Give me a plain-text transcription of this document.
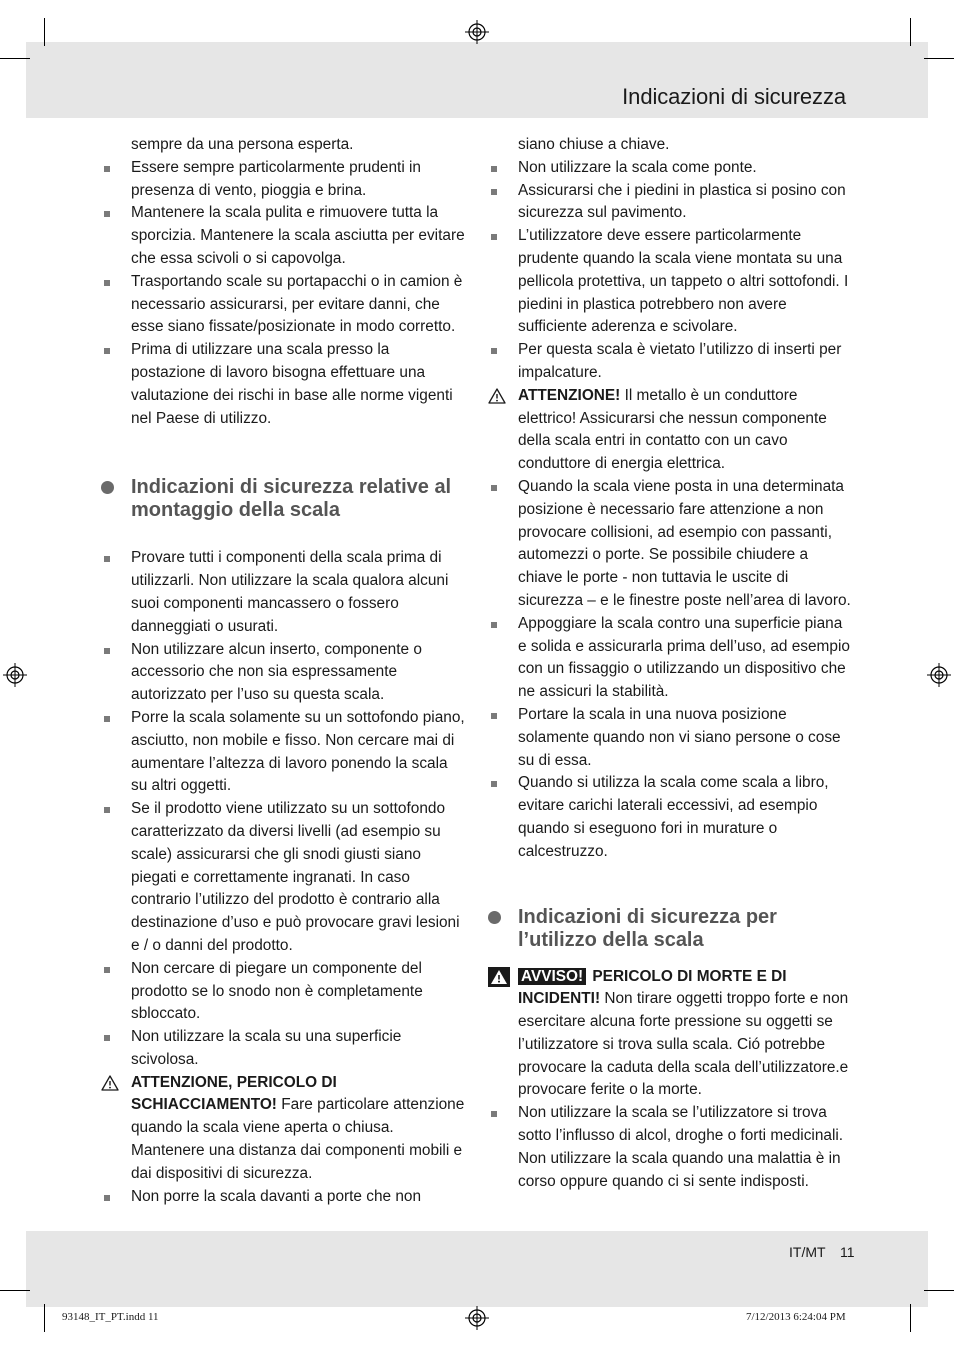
Indicazioni di sicurezza
sempre da una persona esperta.
Essere sempre particolarmente prudenti in presenza di vento, pioggia e brina.
Mantenere la scala pulita e rimuovere tutta la sporcizia. Mantenere la scala asciutta per evitare che essa scivoli o si capovolga.
Trasportando scale su portapacchi o in camion è necessario assicurarsi, per evitare danni, che esse siano fissate/posizionate in modo corretto.
Prima di utilizzare una scala presso la postazione di lavoro bisogna effettuare una valutazione dei rischi in base alle norme vigenti nel Paese di utilizzo.
Indicazioni di sicurezza relative al montaggio della scala
Provare tutti i componenti della scala prima di utilizzarli. Non utilizzare la scala qualora alcuni suoi componenti mancassero o fossero danneggiati o usurati.
Non utilizzare alcun inserto, componente o accessorio che non sia espressamente autorizzato per l’uso su questa scala.
Porre la scala solamente su un sottofondo piano, asciutto, non mobile e fisso. Non cercare mai di aumentare l’altezza di lavoro ponendo la scala su altri oggetti.
Se il prodotto viene utilizzato su un sottofondo caratterizzato da diversi livelli (ad esempio su scale) assicurarsi che gli snodi giusti siano piegati e correttamente ingranati. In caso contrario l’utilizzo del prodotto è contrario alla destinazione d’uso e può provocare gravi lesioni e / o danni del prodotto.
Non cercare di piegare un componente del prodotto se lo snodo non è completamente sbloccato.
Non utilizzare la scala su una superficie scivolosa.
ATTENZIONE, PERICOLO DI SCHIACCIAMENTO! Fare particolare attenzione quando la scala viene aperta o chiusa. Mantenere una distanza dai componenti mobili e dai dispositivi di sicurezza.
Non porre la scala davanti a porte che non
siano chiuse a chiave.
Non utilizzare la scala come ponte.
Assicurarsi che i piedini in plastica si posino con sicurezza sul pavimento.
L’utilizzatore deve essere particolarmente prudente quando la scala viene montata su una pellicola protettiva, un tappeto o altri sottofondi. I piedini in plastica potrebbero non avere sufficiente aderenza e scivolare.
Per questa scala è vietato l’utilizzo di inserti per impalcature.
ATTENZIONE! Il metallo è un conduttore elettrico! Assicurarsi che nessun componente della scala entri in contatto con un cavo conduttore di energia elettrica.
Quando la scala viene posta in una determinata posizione è necessario fare attenzione a non provocare collisioni, ad esempio con passanti, automezzi o porte. Se possibile chiudere a chiave le porte - non tuttavia le uscite di sicurezza – e le finestre poste nell’area di lavoro.
Appoggiare la scala contro una superficie piana e solida e assicurarla prima dell’uso, ad esempio con un fissaggio o utilizzando un dispositivo che ne assicuri la stabilità.
Portare la scala in una nuova posizione solamente quando non vi siano persone o cose su di essa.
Quando si utilizza la scala come scala a libro, evitare carichi laterali eccessivi, ad esempio quando si eseguono fori in murature o calcestruzzo.
Indicazioni di sicurezza per l’utilizzo della scala
AVVISO! PERICOLO DI MORTE E DI INCIDENTI! Non tirare oggetti troppo forte e non esercitare alcuna forte pressione su oggetti se l’utilizzatore si trova sulla scala. Ció potrebbe provocare la caduta della scala dell’utilizzatore.e provocare ferite o la morte.
Non utilizzare la scala se l’utilizzatore si trova sotto l’influsso di alcol, droghe o forti medicinali. Non utilizzare la scala quando una malattia è in corso oppure quando ci si sente indisposti.
IT/MT 11
93148_IT_PT.indd 11	7/12/2013 6:24:04 PM
